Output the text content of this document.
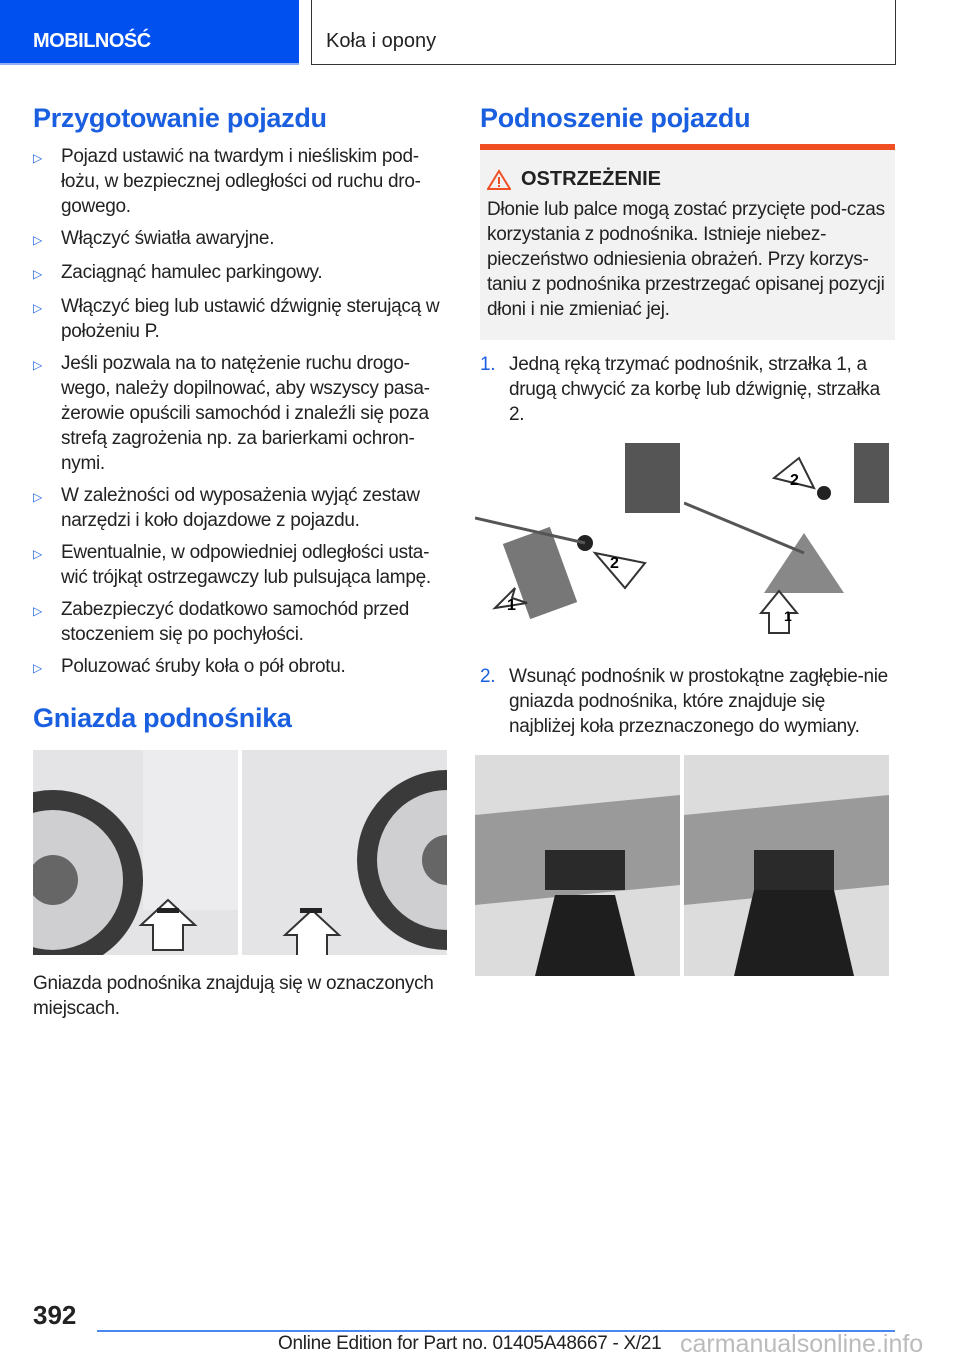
MOBILNOŚĆ	Koła i opony
Przygotowanie pojazdu
▷	Pojazd ustawić na twardym i nieśliskim pod-łożu, w bezpiecznej odległości od ruchu dro-gowego.
▷	Włączyć światła awaryjne.
▷	Zaciągnąć hamulec parkingowy.
▷	Włączyć bieg lub ustawić dźwignię sterującą w położeniu P.
▷	Jeśli pozwala na to natężenie ruchu drogo-wego, należy dopilnować, aby wszyscy pasa-żerowie opuścili samochód i znaleźli się poza strefą zagrożenia np. za barierkami ochron-nymi.
▷	W zależności od wyposażenia wyjąć zestaw narzędzi i koło dojazdowe z pojazdu.
▷	Ewentualnie, w odpowiedniej odległości usta-wić trójkąt ostrzegawczy lub pulsująca lampę.
▷	Zabezpieczyć dodatkowo samochód przed stoczeniem się po pochyłości.
▷	Poluzować śruby koła o pół obrotu.
Gniazda podnośnika

Gniazda podnośnika znajdują się w oznaczonych miejscach.

Podnoszenie pojazdu
OSTRZEŻENIE

Dłonie lub palce mogą zostać przycięte pod-czas korzystania z podnośnika. Istnieje niebez-pieczeństwo odniesienia obrażeń. Przy korzys-taniu z podnośnika przestrzegać opisanej pozycji dłoni i nie zmieniać jej.

1. Jedną ręką trzymać podnośnik, strzałka 1, a drugą chwycić za korbę lub dźwignię, strzałka 2.
1
2
2
1
2. Wsunąć podnośnik w prostokątne zagłębie-nie gniazda podnośnika, które znajduje się najbliżej koła przeznaczonego do wymiany.
392
Online Edition for Part no. 01405A48667 - X/21 carmanualsonline.info
